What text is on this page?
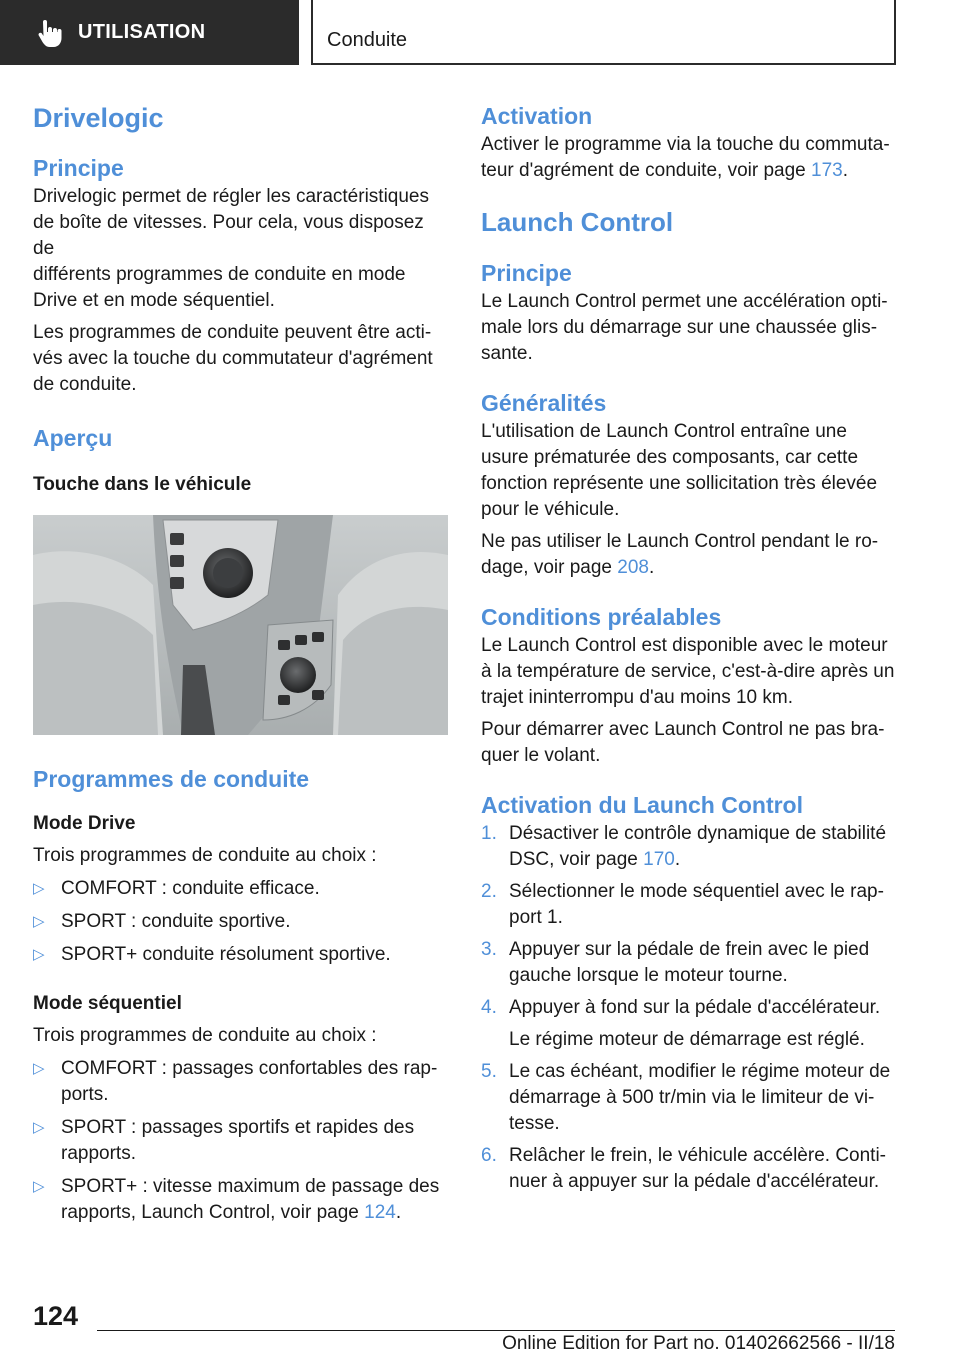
UTILISATION	Conduite
Drivelogic
Principe
Drivelogic permet de régler les caractéristiques
de boîte de vitesses. Pour cela, vous disposez de
différents programmes de conduite en mode
Drive et en mode séquentiel.
Les programmes de conduite peuvent être acti‐
vés avec la touche du commutateur d'agrément
de conduite.
Aperçu
Touche dans le véhicule
Programmes de conduite
Mode Drive
Trois programmes de conduite au choix :
▷ COMFORT : conduite efficace.
▷ SPORT : conduite sportive.
▷ SPORT+ conduite résolument sportive.
Mode séquentiel
Trois programmes de conduite au choix :
▷ COMFORT : passages confortables des rap‐
ports.
▷ SPORT : passages sportifs et rapides des
rapports.
▷ SPORT+ : vitesse maximum de passage des
rapports, Launch Control, voir page 124.
Activation
Activer le programme via la touche du commuta‐
teur d'agrément de conduite, voir page 173.
Launch Control
Principe
Le Launch Control permet une accélération opti‐
male lors du démarrage sur une chaussée glis‐
sante.
Généralités
L'utilisation de Launch Control entraîne une
usure prématurée des composants, car cette
fonction représente une sollicitation très élevée
pour le véhicule.
Ne pas utiliser le Launch Control pendant le ro‐
dage, voir page 208.
Conditions préalables
Le Launch Control est disponible avec le moteur
à la température de service, c'est-à-dire après un
trajet ininterrompu d'au moins 10 km.
Pour démarrer avec Launch Control ne pas bra‐
quer le volant.
Activation du Launch Control
1. Désactiver le contrôle dynamique de stabilité
DSC, voir page 170.
2. Sélectionner le mode séquentiel avec le rap‐
port 1.
3. Appuyer sur la pédale de frein avec le pied
gauche lorsque le moteur tourne.
4. Appuyer à fond sur la pédale d'accélérateur.
Le régime moteur de démarrage est réglé.
5. Le cas échéant, modifier le régime moteur de
démarrage à 500 tr/min via le limiteur de vi‐
tesse.
6. Relâcher le frein, le véhicule accélère. Conti‐
nuer à appuyer sur la pédale d'accélérateur.
124
Online Edition for Part no. 01402662566 - II/18
